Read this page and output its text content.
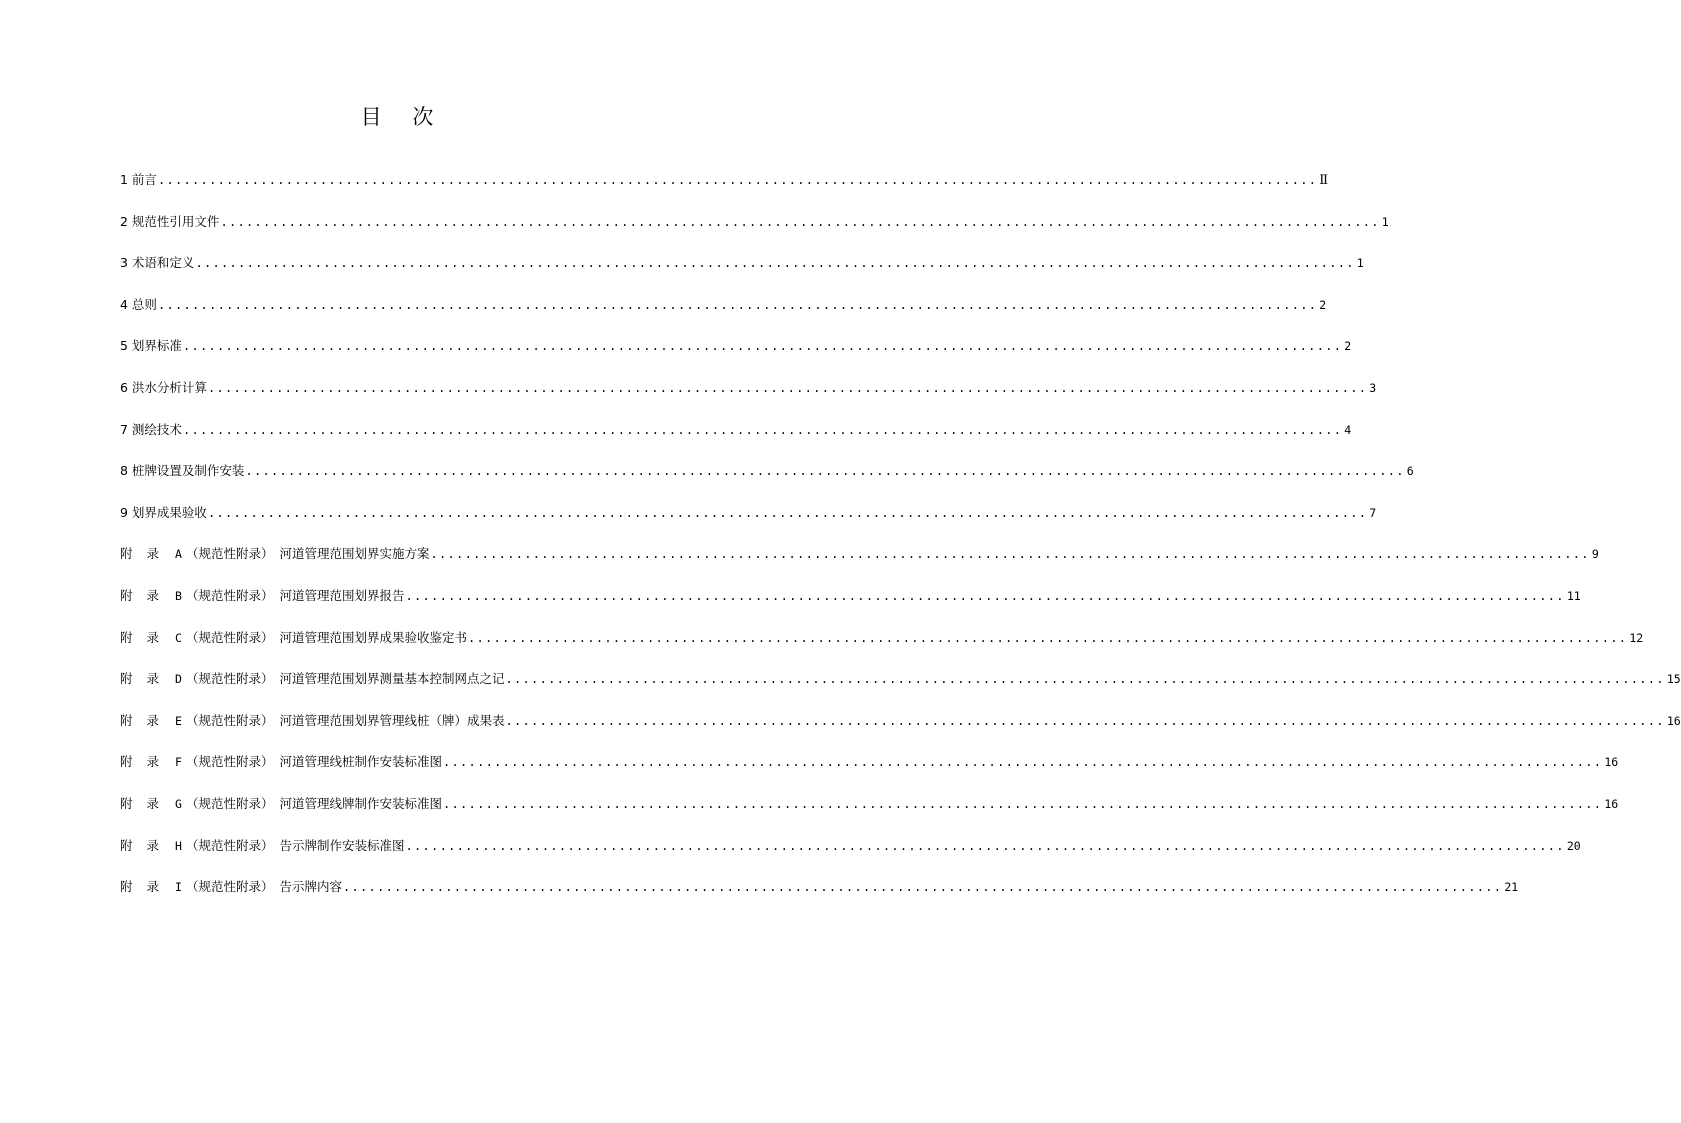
目 次
1 前言 ........................................................................................................................................ Ⅱ
2 规范性引用文件 ........................................................................................................................................ 1
3 术语和定义 ........................................................................................................................................ 1
4 总则 ........................................................................................................................................ 2
5 划界标准 ........................................................................................................................................ 2
6 洪水分析计算 ........................................................................................................................................ 3
7 测绘技术 ........................................................................................................................................ 4
8 桩牌设置及制作安装 ........................................................................................................................................ 6
9 划界成果验收 ........................................................................................................................................ 7
附录 A （规范性附录） 河道管理范围划界实施方案 ........................................................................................................................................ 9
附录 B （规范性附录） 河道管理范围划界报告 ........................................................................................................................................ 11
附录 C （规范性附录） 河道管理范围划界成果验收鉴定书 ........................................................................................................................................ 12
附录 D （规范性附录） 河道管理范围划界测量基本控制网点之记 ........................................................................................................................................ 15
附录 E （规范性附录） 河道管理范围划界管理线桩（牌）成果表 ........................................................................................................................................ 16
附录 F （规范性附录） 河道管理线桩制作安装标准图 ........................................................................................................................................ 16
附录 G （规范性附录） 河道管理线牌制作安装标准图 ........................................................................................................................................ 16
附录 H （规范性附录） 告示牌制作安装标准图 ........................................................................................................................................ 20
附录 I （规范性附录） 告示牌内容 ........................................................................................................................................ 21
